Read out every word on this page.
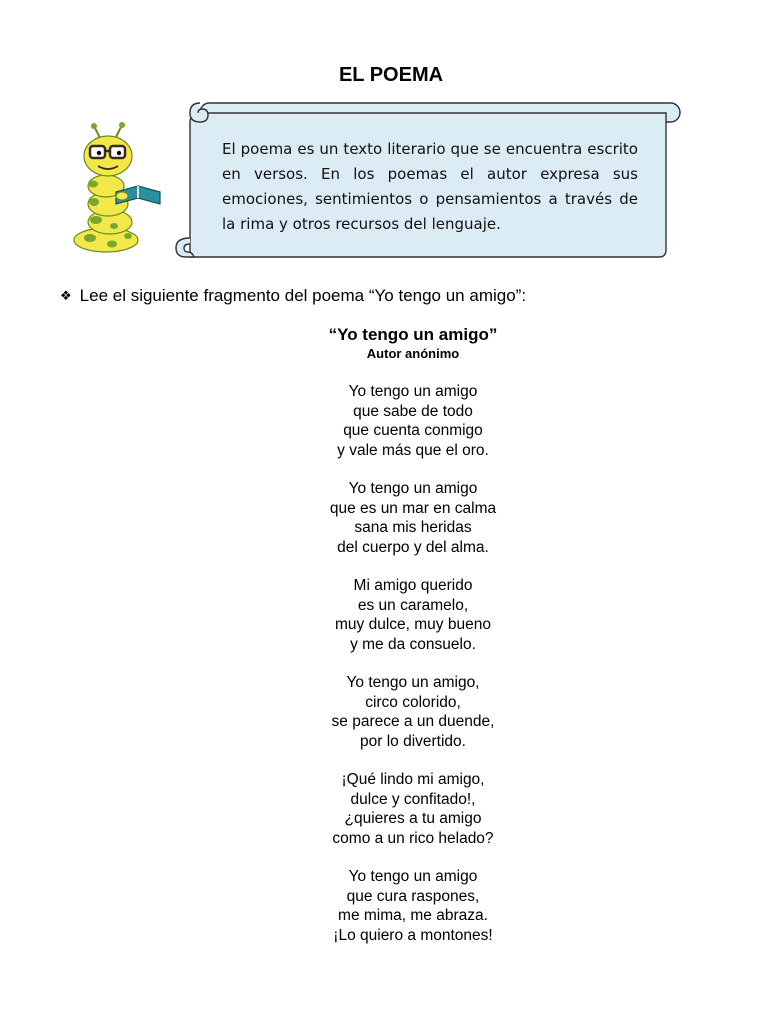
EL POEMA
El poema es un texto literario que se encuentra escrito en versos. En los poemas el autor expresa sus emociones, sentimientos o pensamientos a través de la rima y otros recursos del lenguaje.
❖ Lee el siguiente fragmento del poema “Yo tengo un amigo”:
“Yo tengo un amigo”
Autor anónimo
Yo tengo un amigo
que sabe de todo
que cuenta conmigo
y vale más que el oro.
Yo tengo un amigo
que es un mar en calma
sana mis heridas
del cuerpo y del alma.
Mi amigo querido
es un caramelo,
muy dulce, muy bueno
y me da consuelo.
Yo tengo un amigo,
circo colorido,
se parece a un duende,
por lo divertido.
¡Qué lindo mi amigo,
dulce y confitado!,
¿quieres a tu amigo
como a un rico helado?
Yo tengo un amigo
que cura raspones,
me mima, me abraza.
¡Lo quiero a montones!
